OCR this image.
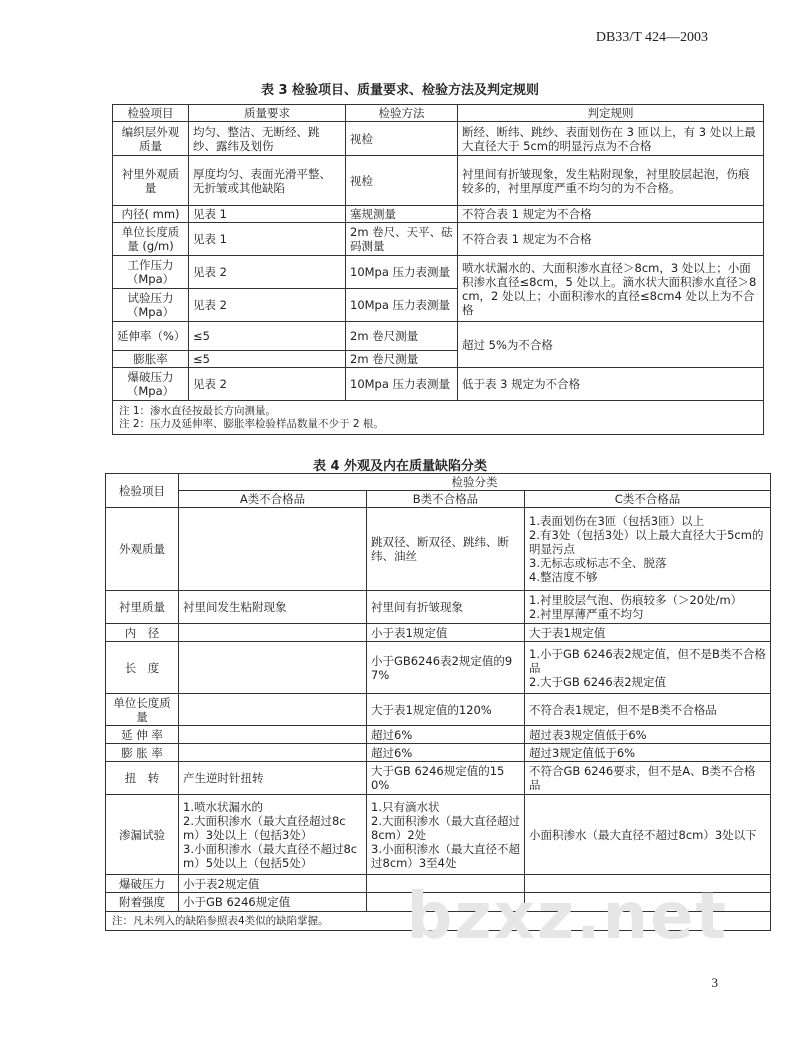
DB33/T 424—2003
表 3 检验项目、质量要求、检验方法及判定规则
检验项目	质量要求	检验方法	判定规则
编织层外观质量	均匀、整洁、无断经、跳纱、露纬及划伤	视检	断经、断纬、跳纱、表面划伤在 3 匝以上，有 3 处以上最大直径大于 5cm的明显污点为不合格
衬里外观质量	厚度均匀、表面光滑平整、无折皱或其他缺陷	视检	衬里间有折皱现象，发生粘附现象，衬里胶层起泡，伤痕较多的，衬里厚度严重不均匀的为不合格。
内径( mm)	见表 1	塞规测量	不符合表 1 规定为不合格
单位长度质量 (g/m)	见表 1	2m 卷尺、天平、砝码测量	不符合表 1 规定为不合格
工作压力（Mpa）	见表 2	10Mpa 压力表测量	喷水状漏水的、大面积渗水直径＞8cm，3 处以上；小面积渗水直径≤8cm，5 处以上。滴水状大面积渗水直径＞8cm，2 处以上；小面积渗水的直径≤8cm4 处以上为不合格
试验压力（Mpa）	见表 2	10Mpa 压力表测量	
延伸率（%）	≤5	2m 卷尺测量	超过 5%为不合格
膨胀率	≤5	2m 卷尺测量	
爆破压力（Mpa）	见表 2	10Mpa 压力表测量	低于表 3 规定为不合格

注 1：渗水直径按最长方向测量。
注 2：压力及延伸率、膨胀率检验样品数量不少于 2 根。			
表 4 外观及内在质量缺陷分类
检验项目	检验分类		
	A类不合格品	B类不合格品	C类不合格品
外观质量		跳双径、断双径、跳纬、断纬、油丝	1.表面划伤在3匝（包括3匝）以上
2.有3处（包括3处）以上最大直径大于5cm的明显污点
3.无标志或标志不全、脱落
4.整洁度不够
衬里质量	衬里间发生粘附现象	衬里间有折皱现象	1.衬里胶层气泡、伤痕较多（＞20处/m）
2.衬里厚薄严重不均匀
内　径		小于表1规定值	大于表1规定值
长　度		小于GB6246表2规定值的97%	1.小于GB 6246表2规定值，但不是B类不合格品
2.大于GB 6246表2规定值
单位长度质量		大于表1规定值的120%	不符合表1规定，但不是B类不合格品
延 伸 率		超过6%	超过表3规定值低于6%
膨 胀 率		超过6%	超过3规定值低于6%
扭　转	产生逆时针扭转	大于GB 6246规定值的150%	不符合GB 6246要求，但不是A、B类不合格品
渗漏试验	1.喷水状漏水的
2.大面积渗水（最大直径超过8cm）3处以上（包括3处）
3.小面积渗水（最大直径不超过8cm）5处以上（包括5处）	1.只有滴水状
2.大面积渗水（最大直径超过8cm）2处
3.小面积渗水（最大直径不超过8cm）3至4处	小面积渗水（最大直径不超过8cm）3处以下
爆破压力	小于表2规定值		
附着强度	小于GB 6246规定值		
注：凡未列入的缺陷参照表4类似的缺陷掌握。			bzxz.net
3
